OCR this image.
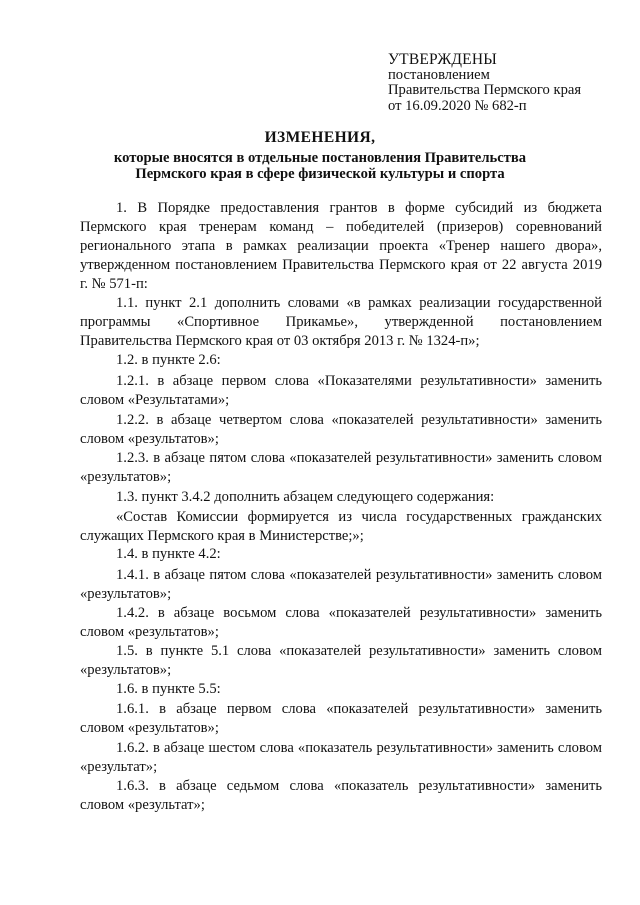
УТВЕРЖДЕНЫ
постановлением
Правительства Пермского края
от 16.09.2020 № 682-п
ИЗМЕНЕНИЯ,
которые вносятся в отдельные постановления Правительства
Пермского края в сфере физической культуры и спорта

1. В Порядке предоставления грантов в форме субсидий из бюджета Пермского края тренерам команд – победителей (призеров) соревнований регионального этапа в рамках реализации проекта «Тренер нашего двора», утвержденном постановлением Правительства Пермского края от 22 августа 2019 г. № 571-п:

1.1. пункт 2.1 дополнить словами «в рамках реализации государственной программы «Спортивное Прикамье», утвержденной постановлением Правительства Пермского края от 03 октября 2013 г. № 1324-п»;

1.2. в пункте 2.6:

1.2.1. в абзаце первом слова «Показателями результативности» заменить словом «Результатами»;

1.2.2. в абзаце четвертом слова «показателей результативности» заменить словом «результатов»;

1.2.3. в абзаце пятом слова «показателей результативности» заменить словом «результатов»;

1.3. пункт 3.4.2 дополнить абзацем следующего содержания:

«Состав Комиссии формируется из числа государственных гражданских служащих Пермского края в Министерстве;»;

1.4. в пункте 4.2:

1.4.1. в абзаце пятом слова «показателей результативности» заменить словом «результатов»;

1.4.2. в абзаце восьмом слова «показателей результативности» заменить словом «результатов»;

1.5. в пункте 5.1 слова «показателей результативности» заменить словом «результатов»;

1.6. в пункте 5.5:

1.6.1. в абзаце первом слова «показателей результативности» заменить словом «результатов»;

1.6.2. в абзаце шестом слова «показатель результативности» заменить словом «результат»;

1.6.3. в абзаце седьмом слова «показатель результативности» заменить словом «результат»;
